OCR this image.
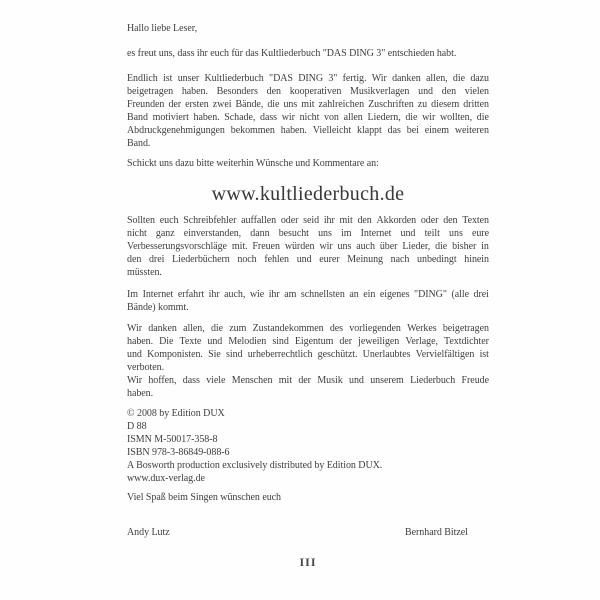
Hallo liebe Leser,
es freut uns, dass ihr euch für das Kultliederbuch "DAS DING 3" entschieden habt.
Endlich ist unser Kultliederbuch "DAS DING 3" fertig. Wir danken allen, die dazu
beigetragen haben. Besonders den kooperativen Musikverlagen und den vielen
Freunden der ersten zwei Bände, die uns mit zahlreichen Zuschriften zu diesem dritten
Band motiviert haben. Schade, dass wir nicht von allen Liedern, die wir wollten, die
Abdruckgenehmigungen bekommen haben. Vielleicht klappt das bei einem weiteren
Band.
Schickt uns dazu bitte weiterhin Wünsche und Kommentare an:
www.kultliederbuch.de
Sollten euch Schreibfehler auffallen oder seid ihr mit den Akkorden oder den Texten
nicht ganz einverstanden, dann besucht uns im Internet und teilt uns eure
Verbesserungsvorschläge mit. Freuen würden wir uns auch über Lieder, die bisher in
den drei Liederbüchern noch fehlen und eurer Meinung nach unbedingt hinein
müssten.
Im Internet erfahrt ihr auch, wie ihr am schnellsten an ein eigenes "DING" (alle drei
Bände) kommt.
Wir danken allen, die zum Zustandekommen des vorliegenden Werkes beigetragen
haben. Die Texte und Melodien sind Eigentum der jeweiligen Verlage, Textdichter
und Komponisten. Sie sind urheberrechtlich geschützt. Unerlaubtes Vervielfältigen ist
verboten.
Wir hoffen, dass viele Menschen mit der Musik und unserem Liederbuch Freude
haben.
© 2008 by Edition DUX
D 88
ISMN M-50017-358-8
ISBN 978-3-86849-088-6
A Bosworth production exclusively distributed by Edition DUX.
www.dux-verlag.de
Viel Spaß beim Singen wünschen euch
Andy Lutz	Bernhard Bitzel
III
